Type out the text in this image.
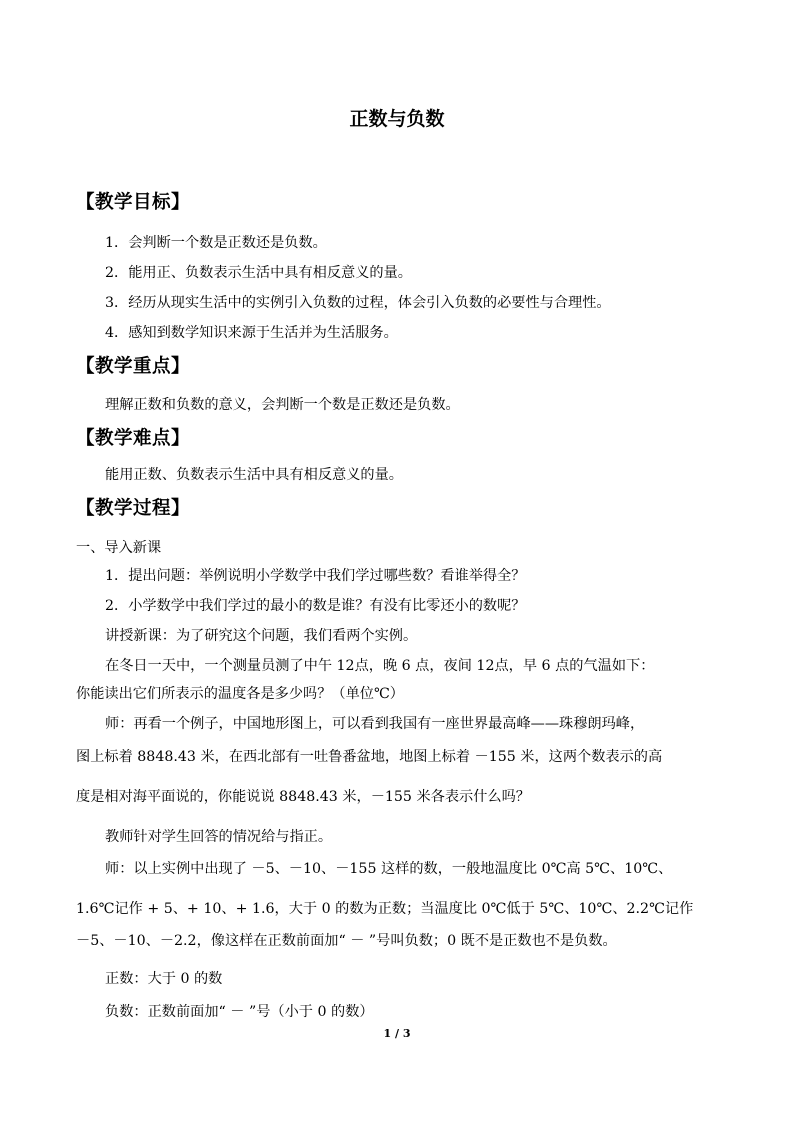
正数与负数
【教学目标】
1．会判断一个数是正数还是负数。
2．能用正、负数表示生活中具有相反意义的量。
3．经历从现实生活中的实例引入负数的过程，体会引入负数的必要性与合理性。
4．感知到数学知识来源于生活并为生活服务。
【教学重点】
理解正数和负数的意义，会判断一个数是正数还是负数。
【教学难点】
能用正数、负数表示生活中具有相反意义的量。
【教学过程】
一、导入新课
1．提出问题：举例说明小学数学中我们学过哪些数？看谁举得全？
2．小学数学中我们学过的最小的数是谁？有没有比零还小的数呢？
讲授新课：为了研究这个问题，我们看两个实例。
在冬日一天中，一个测量员测了中午 12点，晚 6 点，夜间 12点，早 6 点的气温如下：
你能读出它们所表示的温度各是多少吗？（单位℃）
师：再看一个例子，中国地形图上，可以看到我国有一座世界最高峰——珠穆朗玛峰，
图上标着 8848.43 米，在西北部有一吐鲁番盆地，地图上标着 －155 米，这两个数表示的高
度是相对海平面说的，你能说说 8848.43 米，－155 米各表示什么吗？
教师针对学生回答的情况给与指正。
师：以上实例中出现了 －5、－10、－155 这样的数，一般地温度比 0℃高 5℃、10℃、
1.6℃记作 + 5、+ 10、+ 1.6，大于 0 的数为正数；当温度比 0℃低于 5℃、10℃、2.2℃记作
－5、－10、－2.2，像这样在正数前面加“ － ”号叫负数；0 既不是正数也不是负数。
正数：大于 0 的数
负数：正数前面加“ － ”号（小于 0 的数）
1 / 3
